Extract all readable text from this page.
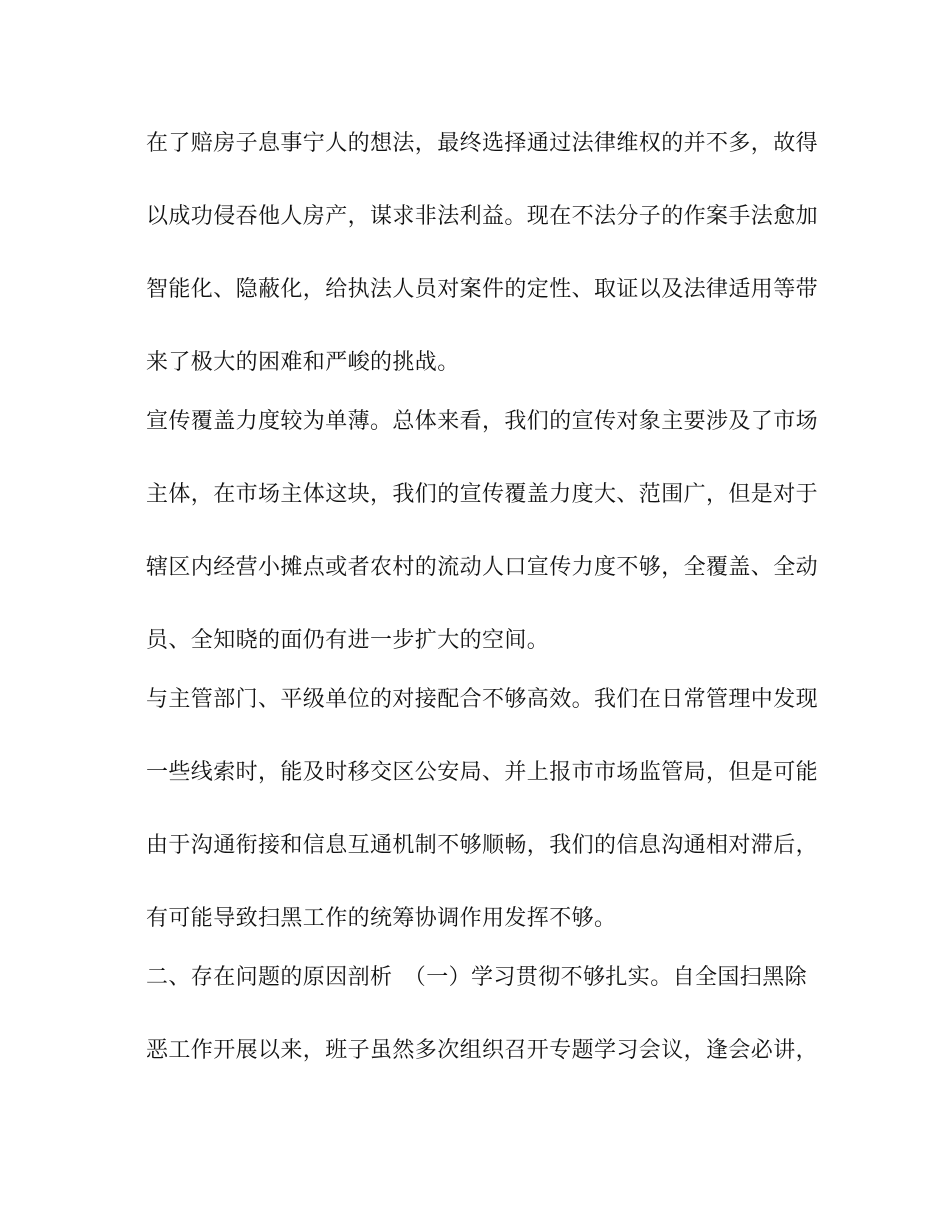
在了赔房子息事宁人的想法，最终选择通过法律维权的并不多，故得
以成功侵吞他人房产，谋求非法利益。现在不法分子的作案手法愈加
智能化、隐蔽化，给执法人员对案件的定性、取证以及法律适用等带
来了极大的困难和严峻的挑战。
宣传覆盖力度较为单薄。总体来看，我们的宣传对象主要涉及了市场
主体，在市场主体这块，我们的宣传覆盖力度大、范围广，但是对于
辖区内经营小摊点或者农村的流动人口宣传力度不够，全覆盖、全动
员、全知晓的面仍有进一步扩大的空间。
与主管部门、平级单位的对接配合不够高效。我们在日常管理中发现
一些线索时，能及时移交区公安局、并上报市市场监管局，但是可能
由于沟通衔接和信息互通机制不够顺畅，我们的信息沟通相对滞后，
有可能导致扫黑工作的统筹协调作用发挥不够。
二、存在问题的原因剖析　（一）学习贯彻不够扎实。自全国扫黑除
恶工作开展以来，班子虽然多次组织召开专题学习会议，逢会必讲，
